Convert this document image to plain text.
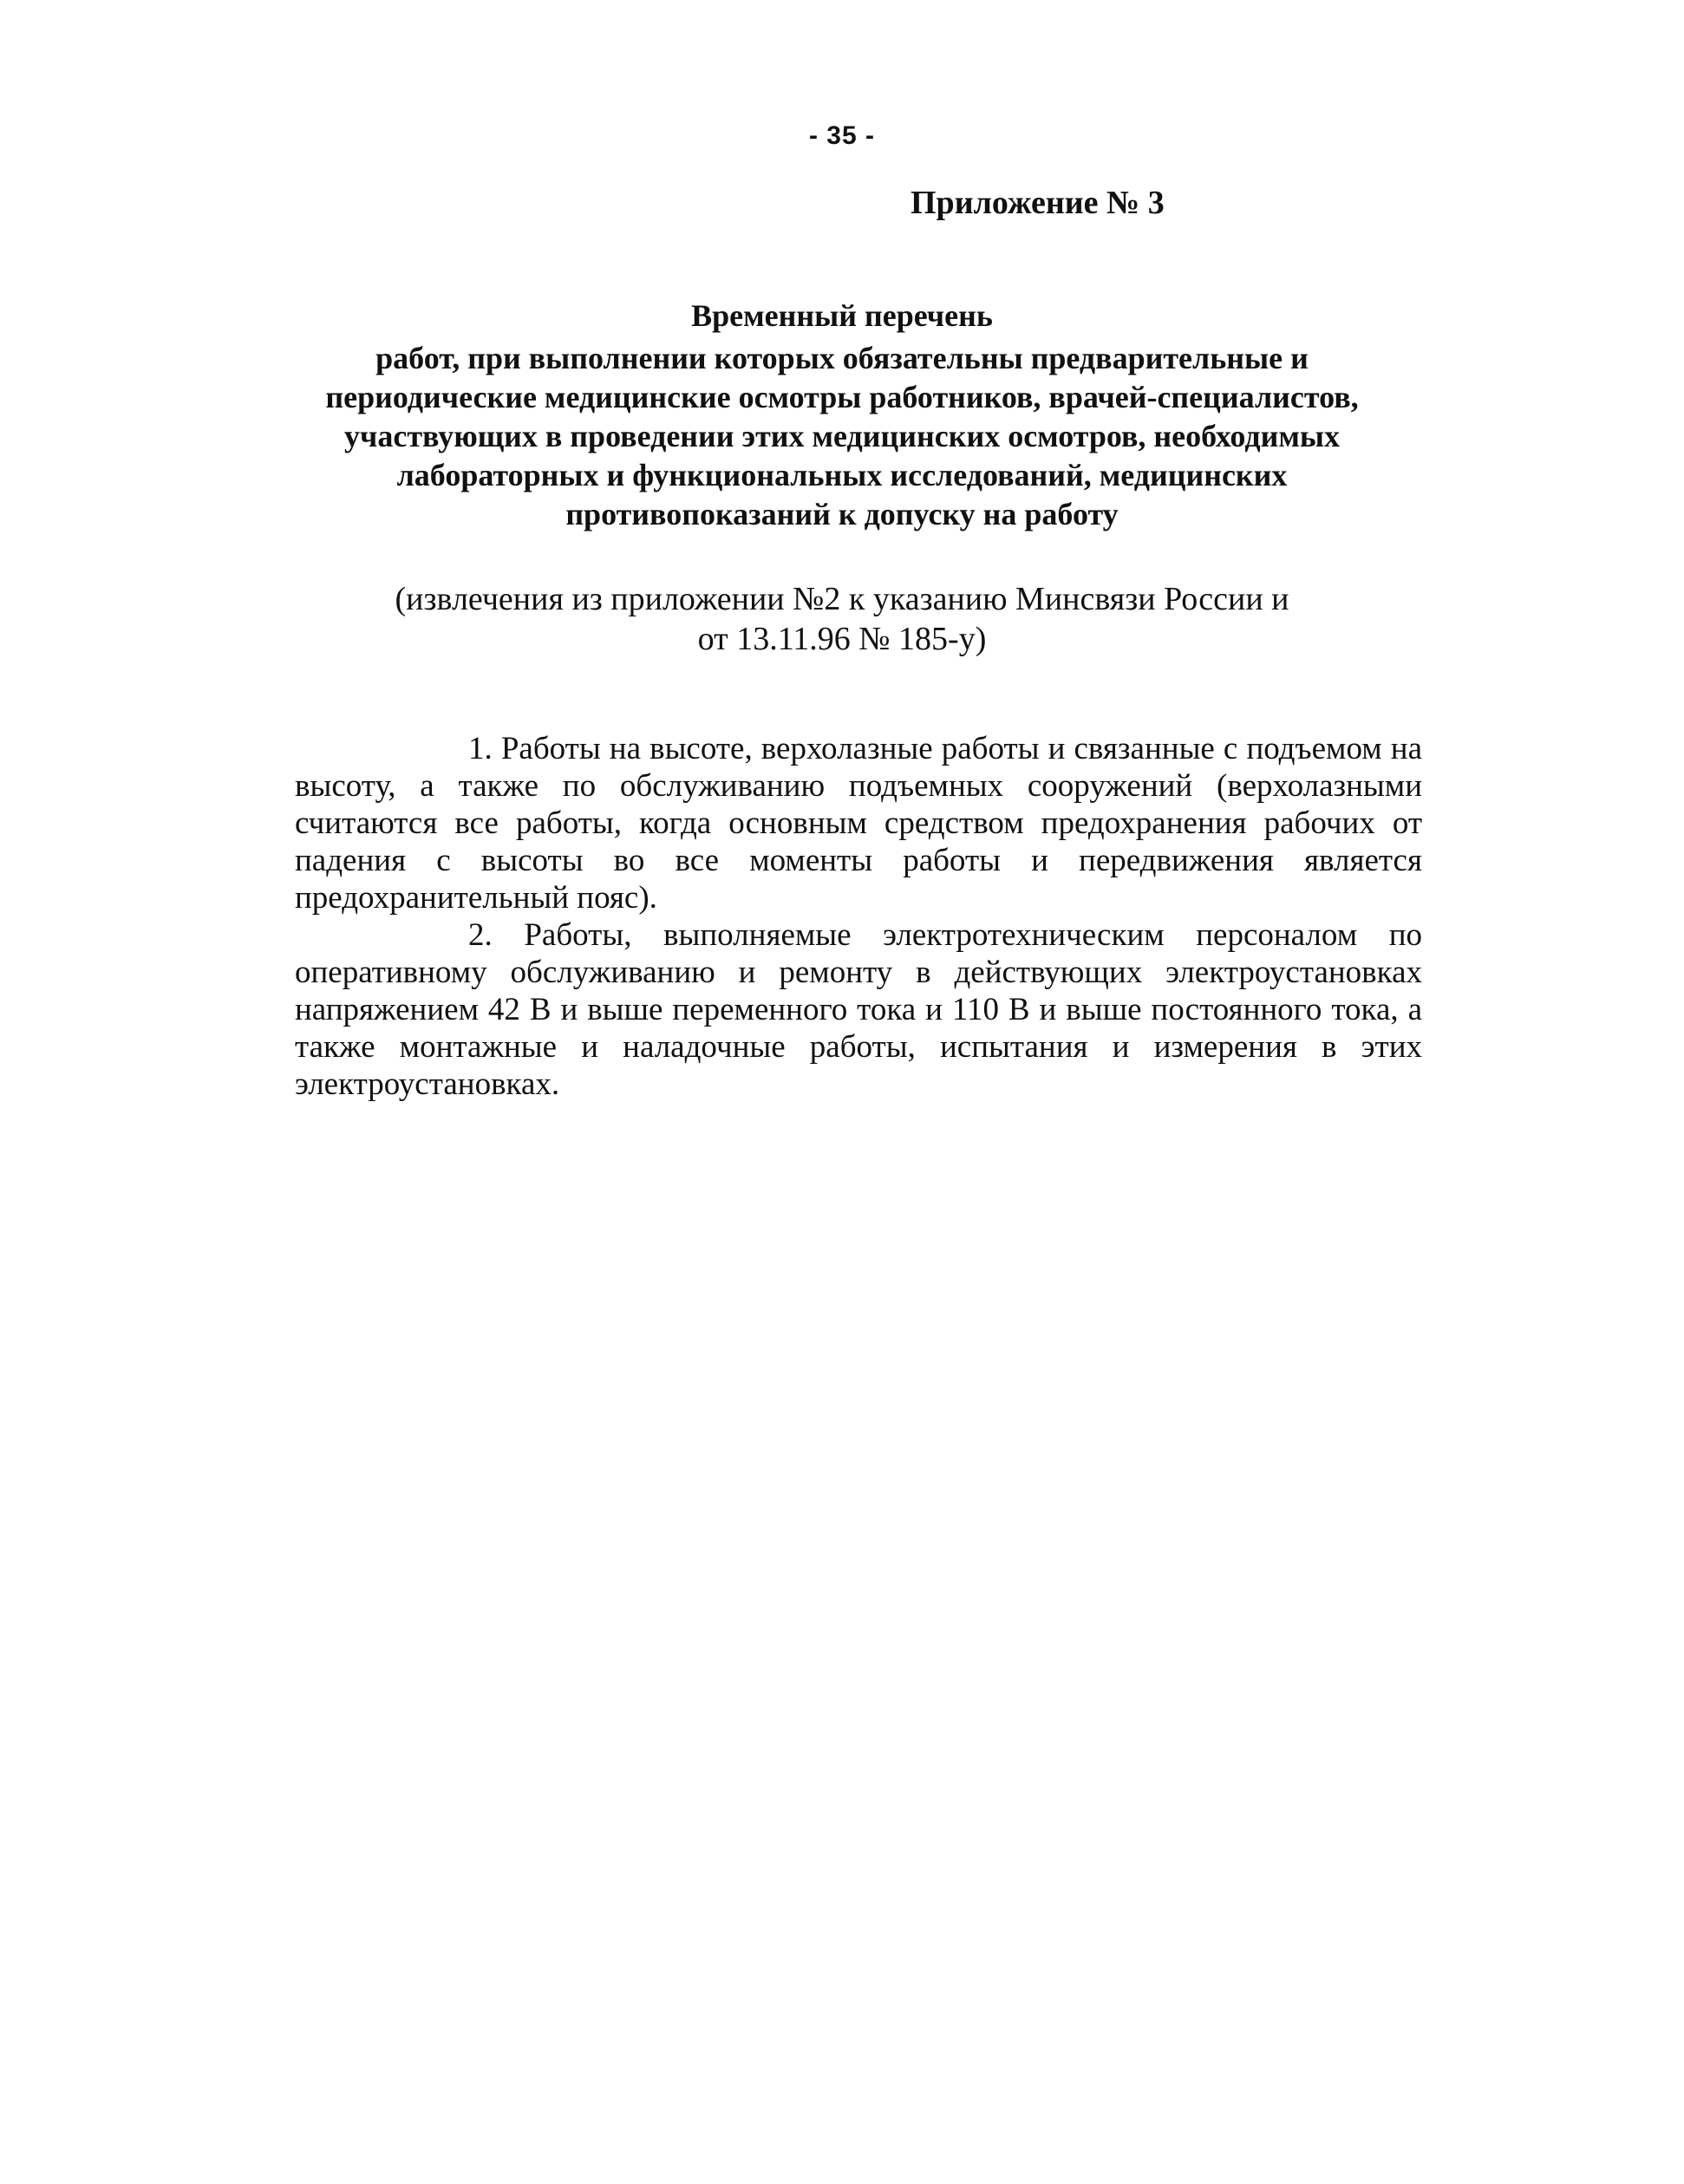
- 35 -
Приложение № 3
Временный перечень
работ, при выполнении которых обязательны предварительные и
периодические медицинские осмотры работников, врачей-специалистов,
участвующих в проведении этих медицинских осмотров, необходимых
лабораторных и функциональных исследований, медицинских
противопоказаний к допуску на работу
(извлечения из приложении №2 к указанию Минсвязи России и
от 13.11.96 № 185-у)

1. Работы на высоте, верхолазные работы и связанные с подъемом на высоту, а также по обслуживанию подъемных сооружений (верхолазными считаются все работы, когда основным средством предохранения рабочих от падения с высоты во все моменты работы и передвижения является предохранительный пояс).

2. Работы, выполняемые электротехническим персоналом по оперативному обслуживанию и ремонту в действующих электроустановках напряжением 42 В и выше переменного тока и 110 В и выше постоянного тока, а также монтажные и наладочные работы, испытания и измерения в этих электроустановках.
